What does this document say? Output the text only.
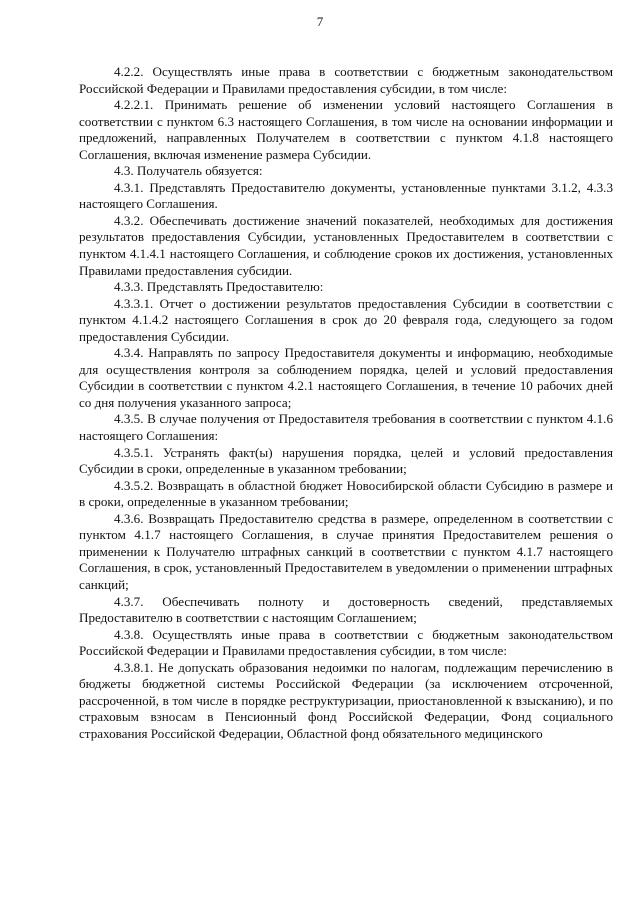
7

4.2.2. Осуществлять иные права в соответствии с бюджетным законодательством Российской Федерации и Правилами предоставления субсидии, в том числе:

4.2.2.1. Принимать решение об изменении условий настоящего Соглашения в соответствии с пунктом 6.3 настоящего Соглашения, в том числе на основании информации и предложений, направленных Получателем в соответствии с пунктом 4.1.8 настоящего Соглашения, включая изменение размера Субсидии.

4.3. Получатель обязуется:

4.3.1. Представлять Предоставителю документы, установленные пунктами 3.1.2, 4.3.3 настоящего Соглашения.

4.3.2. Обеспечивать достижение значений показателей, необходимых для достижения результатов предоставления Субсидии, установленных Предоставителем в соответствии с пунктом 4.1.4.1 настоящего Соглашения, и соблюдение сроков их достижения, установленных Правилами предоставления субсидии.

4.3.3. Представлять Предоставителю:

4.3.3.1. Отчет о достижении результатов предоставления Субсидии в соответствии с пунктом 4.1.4.2 настоящего Соглашения в срок до 20 февраля года, следующего за годом предоставления Субсидии.

4.3.4. Направлять по запросу Предоставителя документы и информацию, необходимые для осуществления контроля за соблюдением порядка, целей и условий предоставления Субсидии в соответствии с пунктом 4.2.1 настоящего Соглашения, в течение 10 рабочих дней со дня получения указанного запроса;

4.3.5. В случае получения от Предоставителя требования в соответствии с пунктом 4.1.6 настоящего Соглашения:

4.3.5.1. Устранять факт(ы) нарушения порядка, целей и условий предоставления Субсидии в сроки, определенные в указанном требовании;

4.3.5.2. Возвращать в областной бюджет Новосибирской области Субсидию в размере и в сроки, определенные в указанном требовании;

4.3.6. Возвращать Предоставителю средства в размере, определенном в соответствии с пунктом 4.1.7 настоящего Соглашения, в случае принятия Предоставителем решения о применении к Получателю штрафных санкций в соответствии с пунктом 4.1.7 настоящего Соглашения, в срок, установленный Предоставителем в уведомлении о применении штрафных санкций;

4.3.7. Обеспечивать полноту и достоверность сведений, представляемых Предоставителю в соответствии с настоящим Соглашением;

4.3.8. Осуществлять иные права в соответствии с бюджетным законодательством Российской Федерации и Правилами предоставления субсидии, в том числе:

4.3.8.1. Не допускать образования недоимки по налогам, подлежащим перечислению в бюджеты бюджетной системы Российской Федерации (за исключением отсроченной, рассроченной, в том числе в порядке реструктуризации, приостановленной к взысканию), и по страховым взносам в Пенсионный фонд Российской Федерации, Фонд социального страхования Российской Федерации, Областной фонд обязательного медицинского
